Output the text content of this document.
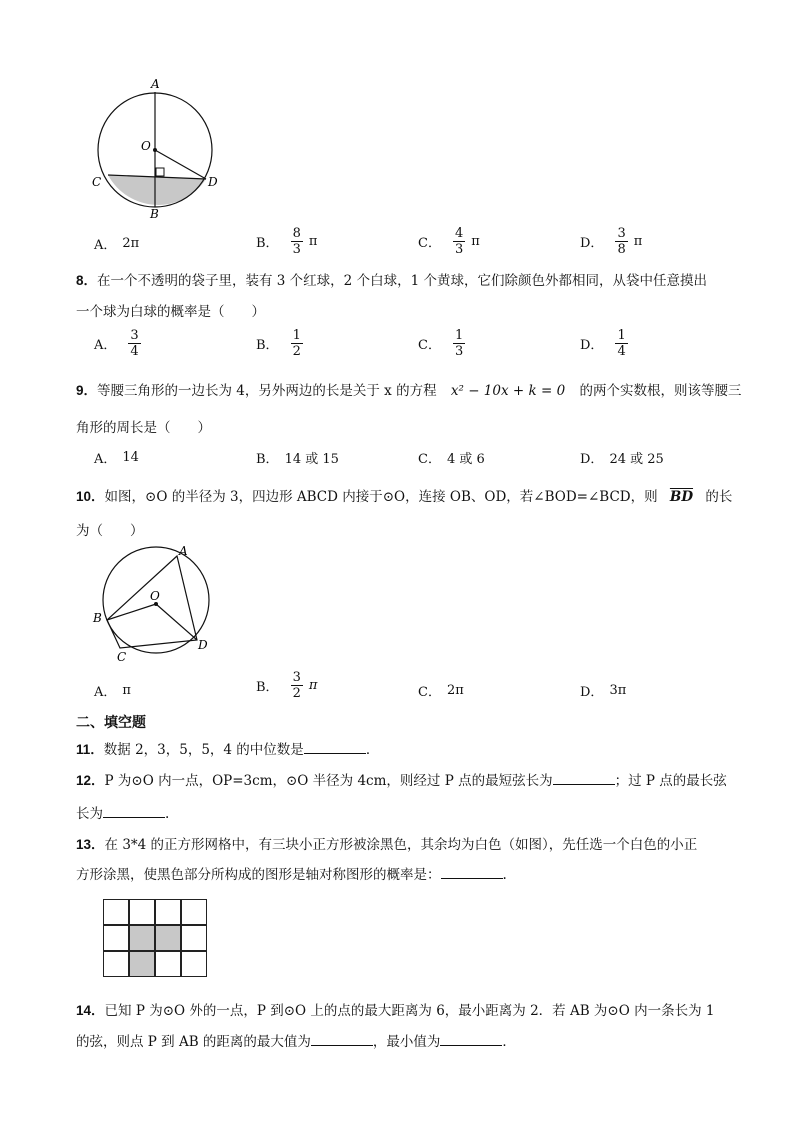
A
O
C	D
B
A． 2π	B． $\frac{8}{3}$ π	C． $\frac{4}{3}$ π	D． $\frac{3}{8}$ π
8．在一个不透明的袋子里，装有 3 个红球，2 个白球，1 个黄球，它们除颜色外都相同，从袋中任意摸出
一个球为白球的概率是（　　）
A． $\frac{3}{4}$	B． $\frac{1}{2}$	C． $\frac{1}{3}$	D． $\frac{1}{4}$
9．等腰三角形的一边长为 4，另外两边的长是关于 x 的方程 x² − 10x + k = 0 的两个实数根，则该等腰三
角形的周长是（　　）
A． 14	B． 14 或 15	C． 4 或 6	D． 24 或 25
10．如图，⊙O 的半径为 3，四边形 ABCD 内接于⊙O，连接 OB、OD，若∠BOD=∠BCD，则 $\overline{BD}$ 的长
为（　　）
A
B
O
C
D
A． π	B． $\frac{3}{2}$ π	C． 2π	D． 3π
二、填空题
11．数据 2，3，5，5，4 的中位数是	．
12．P 为⊙O 内一点，OP=3cm，⊙O 半径为 4cm，则经过 P 点的最短弦长为	；过 P 点的最长弦
长为	.
13．在 3*4 的正方形网格中，有三块小正方形被涂黑色，其余均为白色（如图），先任选一个白色的小正
方形涂黑，使黑色部分所构成的图形是轴对称图形的概率是：	.
14．已知 P 为⊙O 外的一点，P 到⊙O 上的点的最大距离为 6，最小距离为 2．若 AB 为⊙O 内一条长为 1
的弦，则点 P 到 AB 的距离的最大值为	，最小值为	．
